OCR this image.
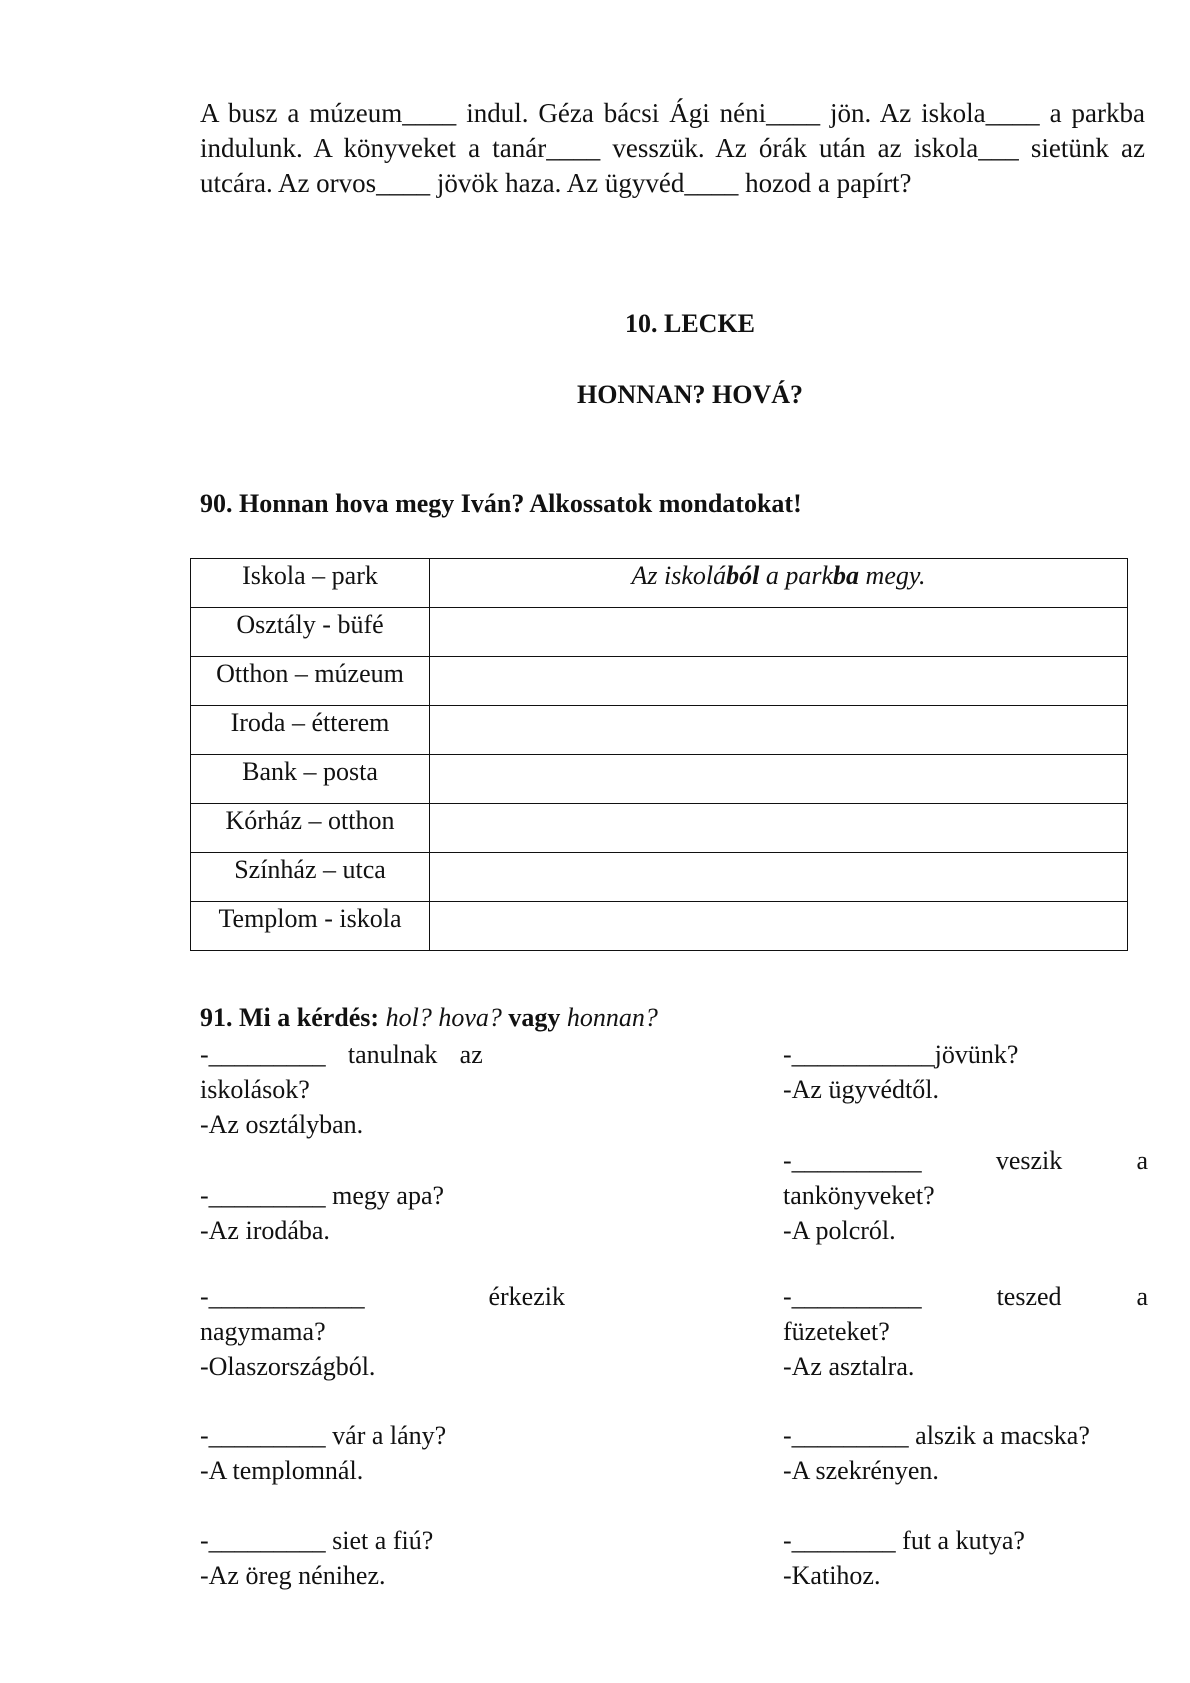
A busz a múzeum____ indul. Géza bácsi Ági néni____ jön. Az iskola____ a parkba indulunk. A könyveket a tanár____ vesszük. Az órák után az iskola___ sietünk az utcára. Az orvos____ jövök haza. Az ügyvéd____ hozod a papírt?
10. LECKE
HONNAN? HOVÁ?
90. Honnan hova megy Iván? Alkossatok mondatokat!
Iskola – park	Az iskolából a parkba megy.
Osztály - büfé	
Otthon – múzeum	
Iroda – étterem	
Bank – posta	
Kórház – otthon	
Színház – utca	
Templom - iskola	
91. Mi a kérdés: hol? hova? vagy honnan?
-_________ tanulnak az
iskolások?
-Az osztályban.
-_________ megy apa?
-Az irodába.
-____________	érkezik
nagymama?
-Olaszországból.
-_________ vár a lány?
-A templomnál.
-_________ siet a fiú?
-Az öreg nénihez.
-___________jövünk?
-Az ügyvédtől.
-__________	veszik	a
tankönyveket?
-A polcról.
-__________	teszed	a
füzeteket?
-Az asztalra.
-_________ alszik a macska?
-A szekrényen.
-________ fut a kutya?
-Katihoz.
